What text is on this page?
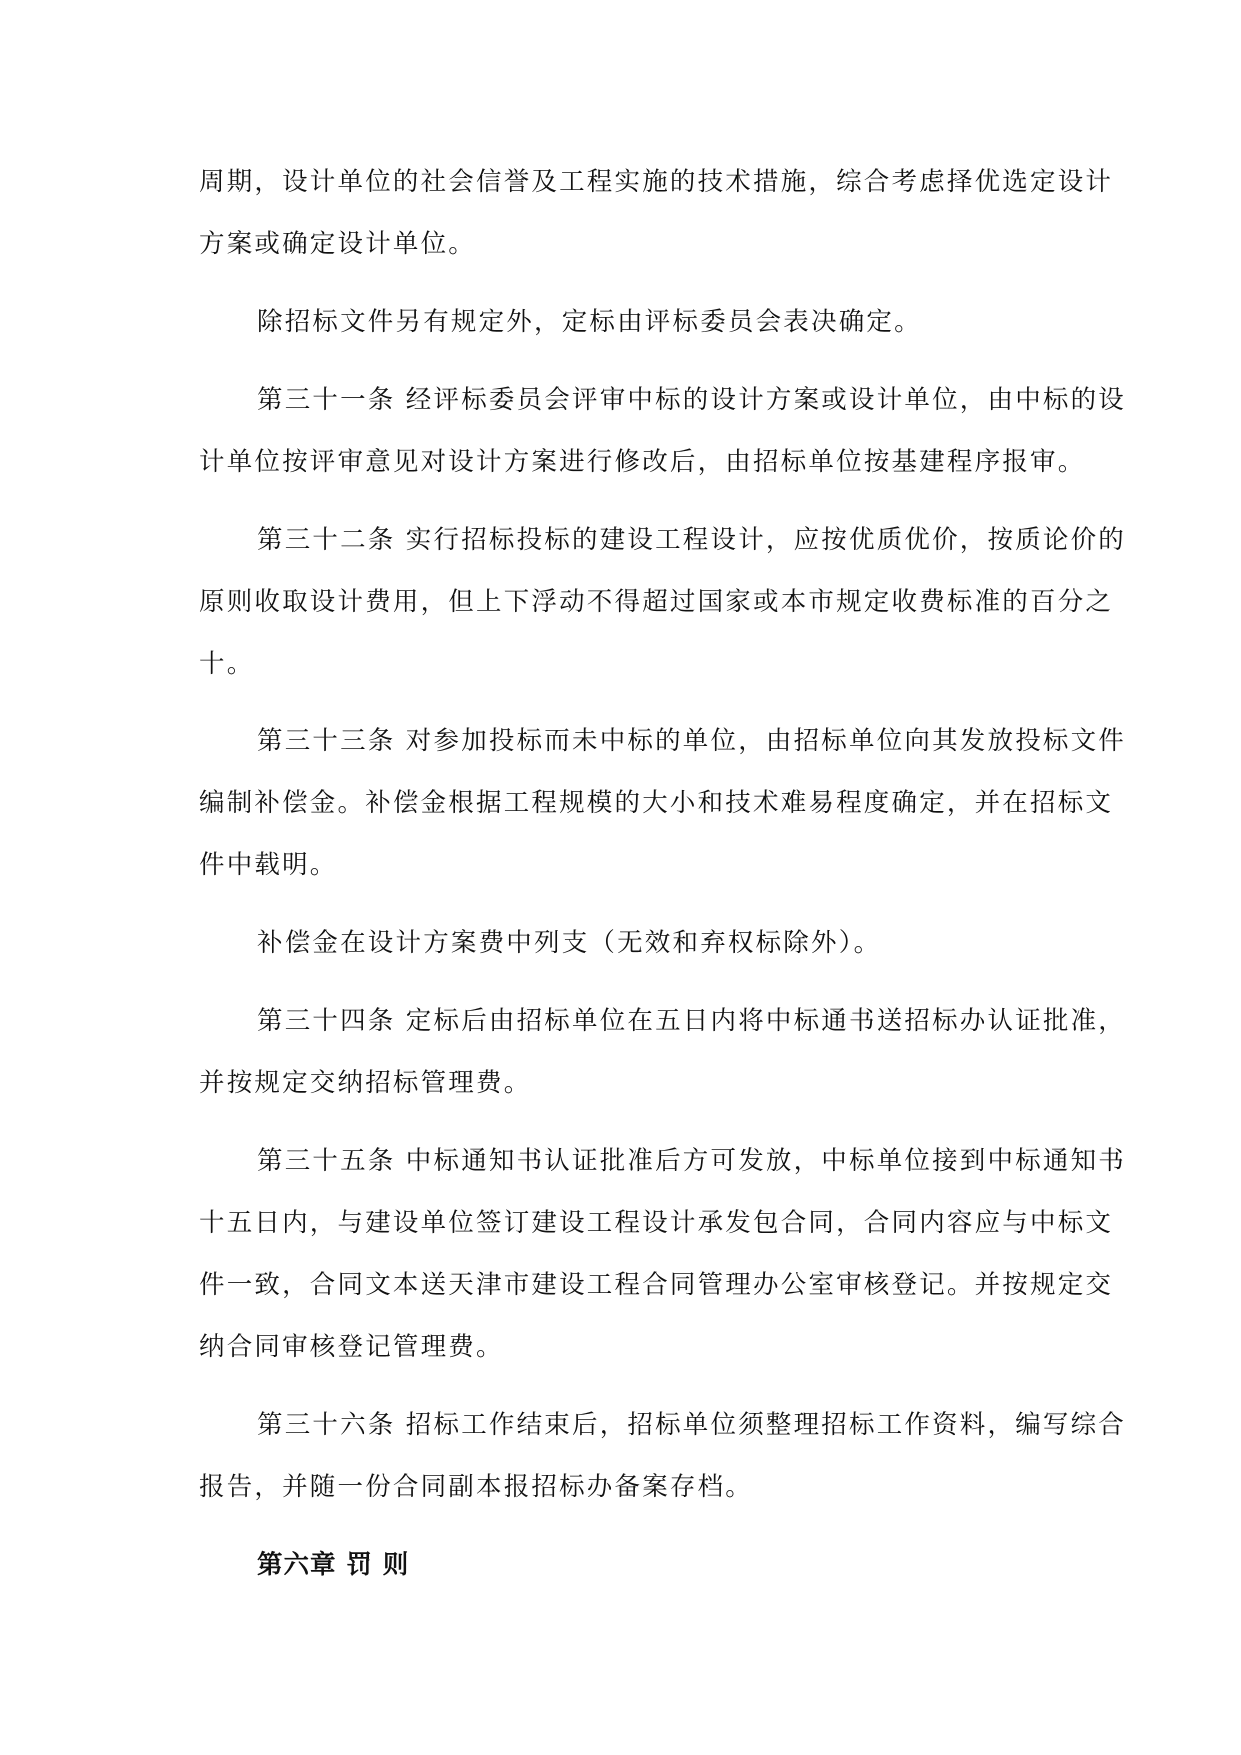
周期，设计单位的社会信誉及工程实施的技术措施，综合考虑择优选定设计
方案或确定设计单位。
除招标文件另有规定外，定标由评标委员会表决确定。
第三十一条 经评标委员会评审中标的设计方案或设计单位，由中标的设
计单位按评审意见对设计方案进行修改后，由招标单位按基建程序报审。
第三十二条 实行招标投标的建设工程设计，应按优质优价，按质论价的
原则收取设计费用，但上下浮动不得超过国家或本市规定收费标准的百分之
十。
第三十三条 对参加投标而未中标的单位，由招标单位向其发放投标文件
编制补偿金。补偿金根据工程规模的大小和技术难易程度确定，并在招标文
件中载明。
补偿金在设计方案费中列支（无效和弃权标除外）。
第三十四条 定标后由招标单位在五日内将中标通书送招标办认证批准，
并按规定交纳招标管理费。
第三十五条 中标通知书认证批准后方可发放，中标单位接到中标通知书
十五日内，与建设单位签订建设工程设计承发包合同，合同内容应与中标文
件一致，合同文本送天津市建设工程合同管理办公室审核登记。并按规定交
纳合同审核登记管理费。
第三十六条 招标工作结束后，招标单位须整理招标工作资料，编写综合
报告，并随一份合同副本报招标办备案存档。
第六章 罚 则
